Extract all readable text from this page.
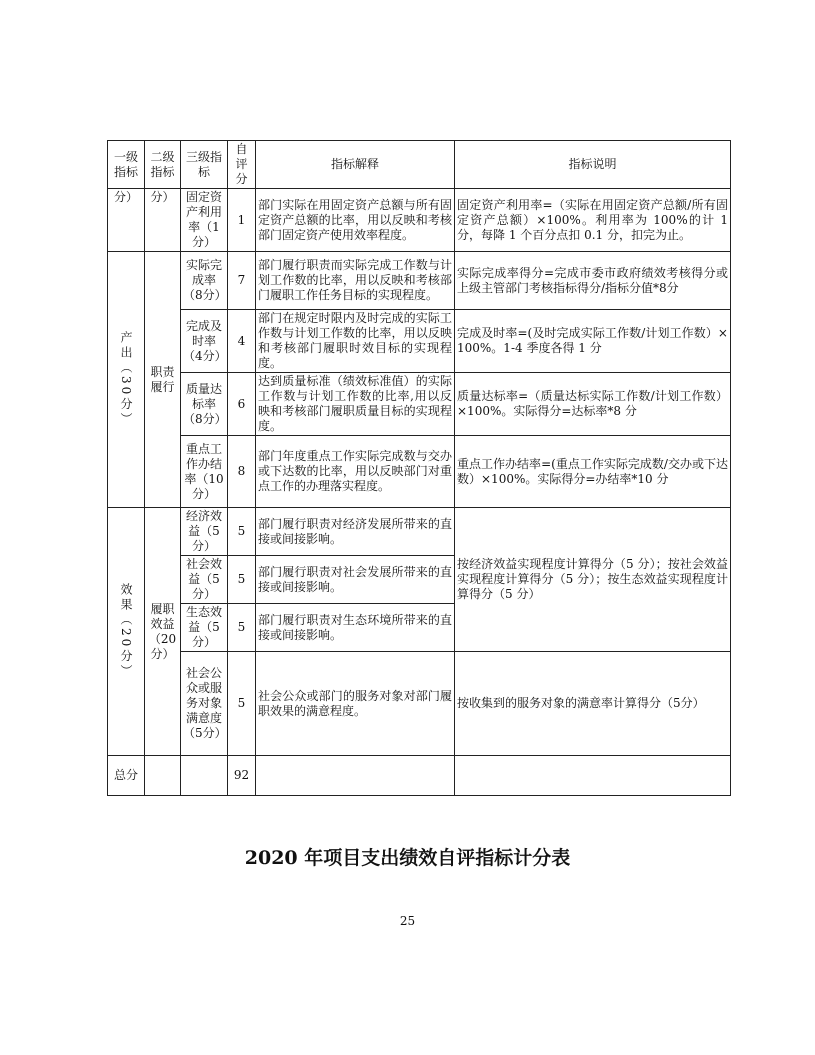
一级指标	二级指标	三级指标	自评分	指标解释	指标说明
分）	分）	固定资产利用率（1分）	1	部门实际在用固定资产总额与所有固定资产总额的比率，用以反映和考核部门固定资产使用效率程度。	固定资产利用率=（实际在用固定资产总额/所有固定资产总额）×100%。利用率为 100%的计 1 分，每降 1 个百分点扣 0.1 分，扣完为止。

产出（30分）	职责履行	实际完成率（8分）	7	部门履行职责而实际完成工作数与计划工作数的比率，用以反映和考核部门履职工作任务目标的实现程度。	实际完成率得分=完成市委市政府绩效考核得分或上级主管部门考核指标得分/指标分值*8分
		完成及时率（4分）	4	部门在规定时限内及时完成的实际工作数与计划工作数的比率，用以反映和考核部门履职时效目标的实现程度。	完成及时率=(及时完成实际工作数/计划工作数）×100%。1-4 季度各得 1 分
		质量达标率（8分）	6	达到质量标准（绩效标准值）的实际工作数与计划工作数的比率,用以反映和考核部门履职质量目标的实现程度。	质量达标率=（质量达标实际工作数/计划工作数）×100%。实际得分=达标率*8 分
		重点工作办结率（10分）	8	部门年度重点工作实际完成数与交办或下达数的比率，用以反映部门对重点工作的办理落实程度。	重点工作办结率=(重点工作实际完成数/交办或下达数）×100%。实际得分=办结率*10 分

效果（20分）	履职效益（20分）	经济效益（5分）	5	部门履行职责对经济发展所带来的直接或间接影响。	按经济效益实现程度计算得分（5 分）；按社会效益实现程度计算得分（5 分）；按生态效益实现程度计算得分（5 分）
		社会效益（5分）	5	部门履行职责对社会发展所带来的直接或间接影响。	
		生态效益（5分）	5	部门履行职责对生态环境所带来的直接或间接影响。	
		社会公众或服务对象满意度（5分）	5	社会公众或部门的服务对象对部门履职效果的满意程度。	按收集到的服务对象的满意率计算得分（5分）
总分			92		
2020 年项目支出绩效自评指标计分表
25
